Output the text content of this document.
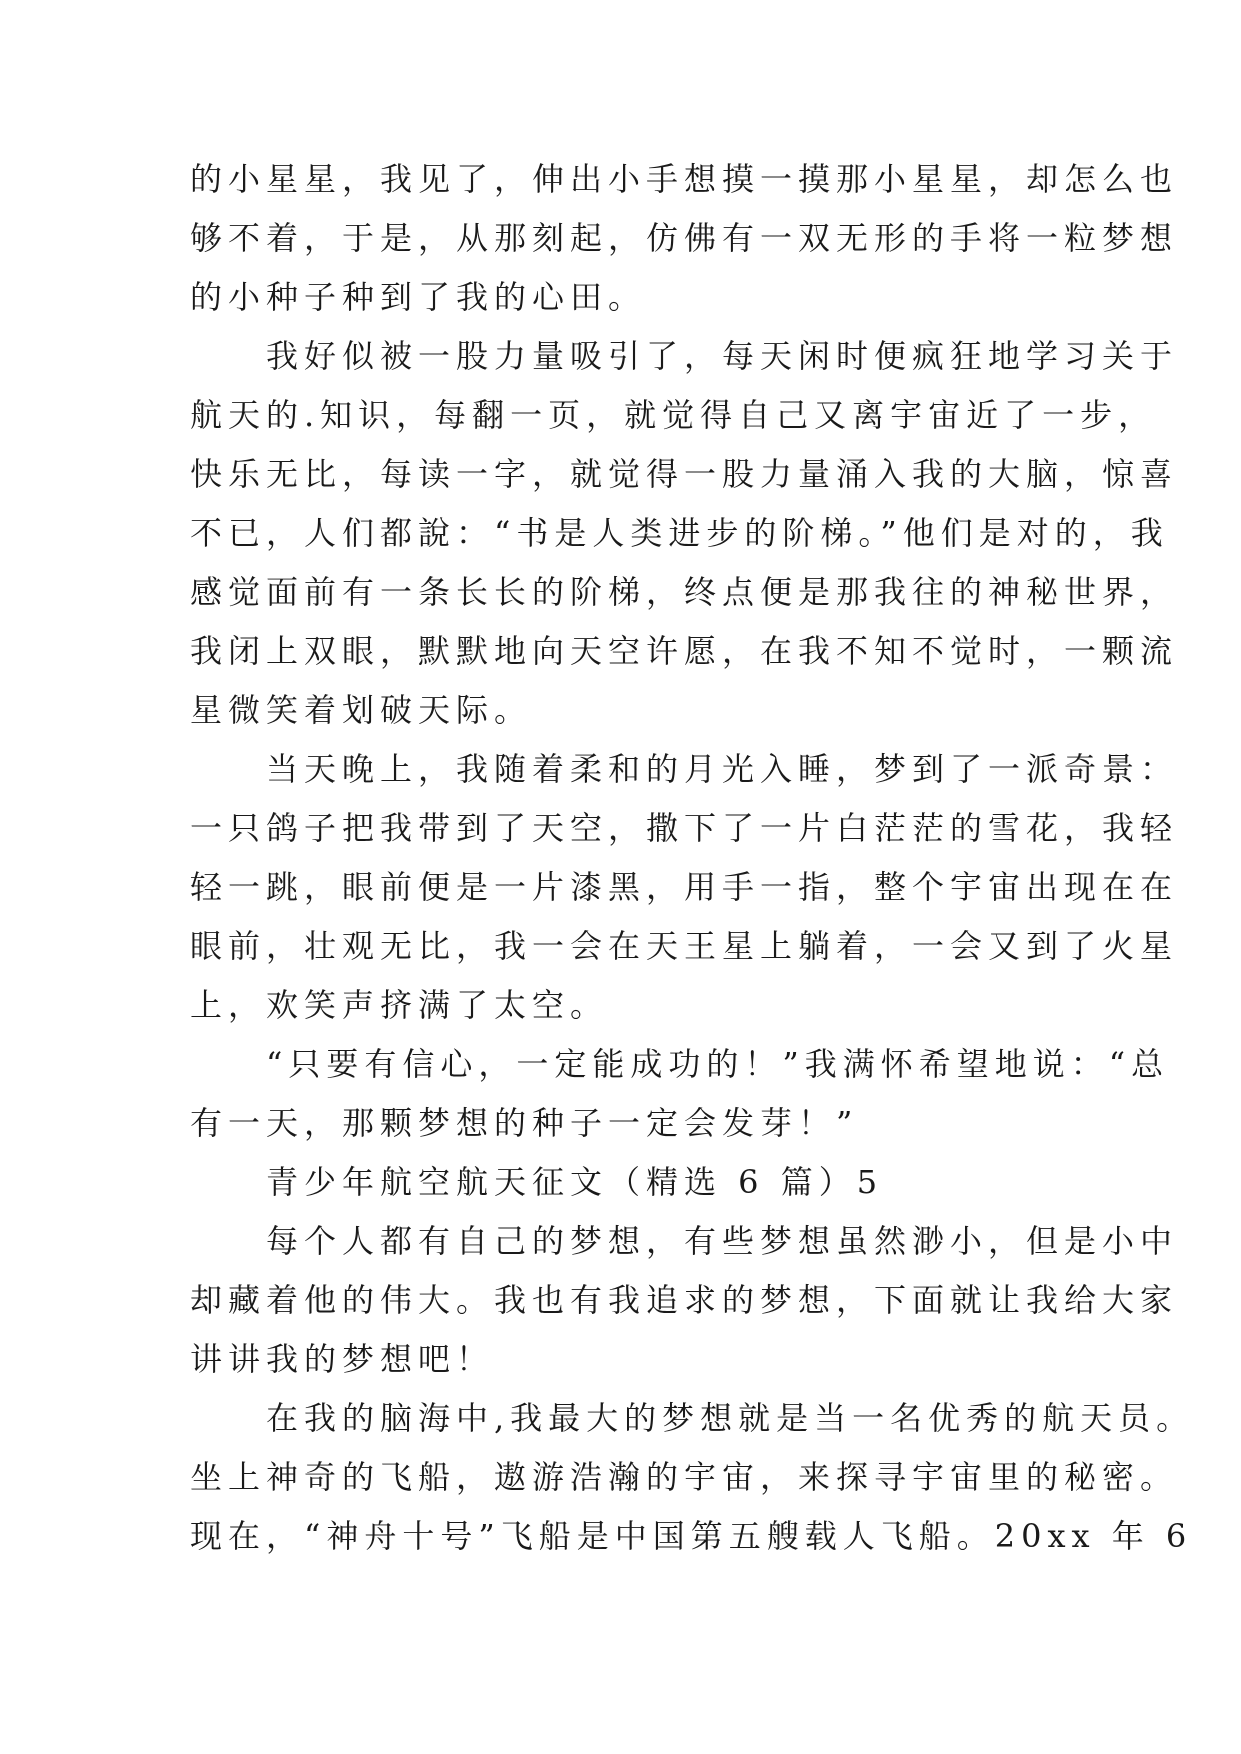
的小星星，我见了，伸出小手想摸一摸那小星星，却怎么也
够不着，于是，从那刻起，仿佛有一双无形的手将一粒梦想
的小种子种到了我的心田。
　　我好似被一股力量吸引了，每天闲时便疯狂地学习关于
航天的.知识，每翻一页，就觉得自己又离宇宙近了一步，
快乐无比，每读一字，就觉得一股力量涌入我的大脑，惊喜
不已，人们都說：“书是人类进步的阶梯。”他们是对的，我
感觉面前有一条长长的阶梯，终点便是那我往的神秘世界，
我闭上双眼，默默地向天空许愿，在我不知不觉时，一颗流
星微笑着划破天际。
　　当天晚上，我随着柔和的月光入睡，梦到了一派奇景：
一只鸽子把我带到了天空，撒下了一片白茫茫的雪花，我轻
轻一跳，眼前便是一片漆黑，用手一指，整个宇宙出现在在
眼前，壮观无比，我一会在天王星上躺着，一会又到了火星
上，欢笑声挤满了太空。
　　“只要有信心，一定能成功的！”我满怀希望地说：“总
有一天，那颗梦想的种子一定会发芽！”
　　青少年航空航天征文（精选 6 篇）5
　　每个人都有自己的梦想，有些梦想虽然渺小，但是小中
却藏着他的伟大。我也有我追求的梦想，下面就让我给大家
讲讲我的梦想吧！
　　在我的脑海中,我最大的梦想就是当一名优秀的航天员。
坐上神奇的飞船，遨游浩瀚的宇宙，来探寻宇宙里的秘密。
现在，“神舟十号”飞船是中国第五艘载人飞船。20xx 年 6
